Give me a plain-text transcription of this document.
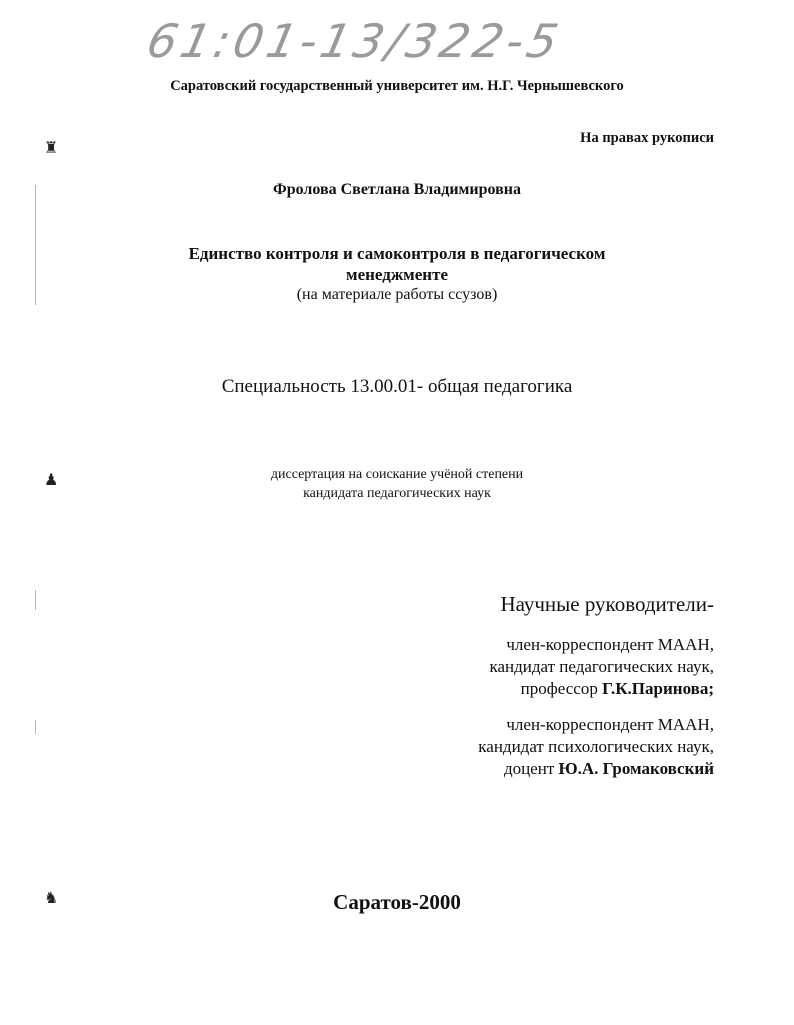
61:01-13/322-5
Саратовский государственный университет им. Н.Г. Чернышевского
На правах рукописи
Фролова Светлана Владимировна
Единство контроля и самоконтроля в педагогическом
менеджменте
(на материале работы ссузов)
Специальность 13.00.01- общая педагогика
диссертация на соискание учёной степени
кандидата педагогических наук
Научные руководители-
член-корреспондент МААН,
кандидат педагогических наук,
профессор Г.К.Паринова;
член-корреспондент МААН,
кандидат психологических наук,
доцент Ю.А. Громаковский
Саратов-2000
♜
♟
♞
